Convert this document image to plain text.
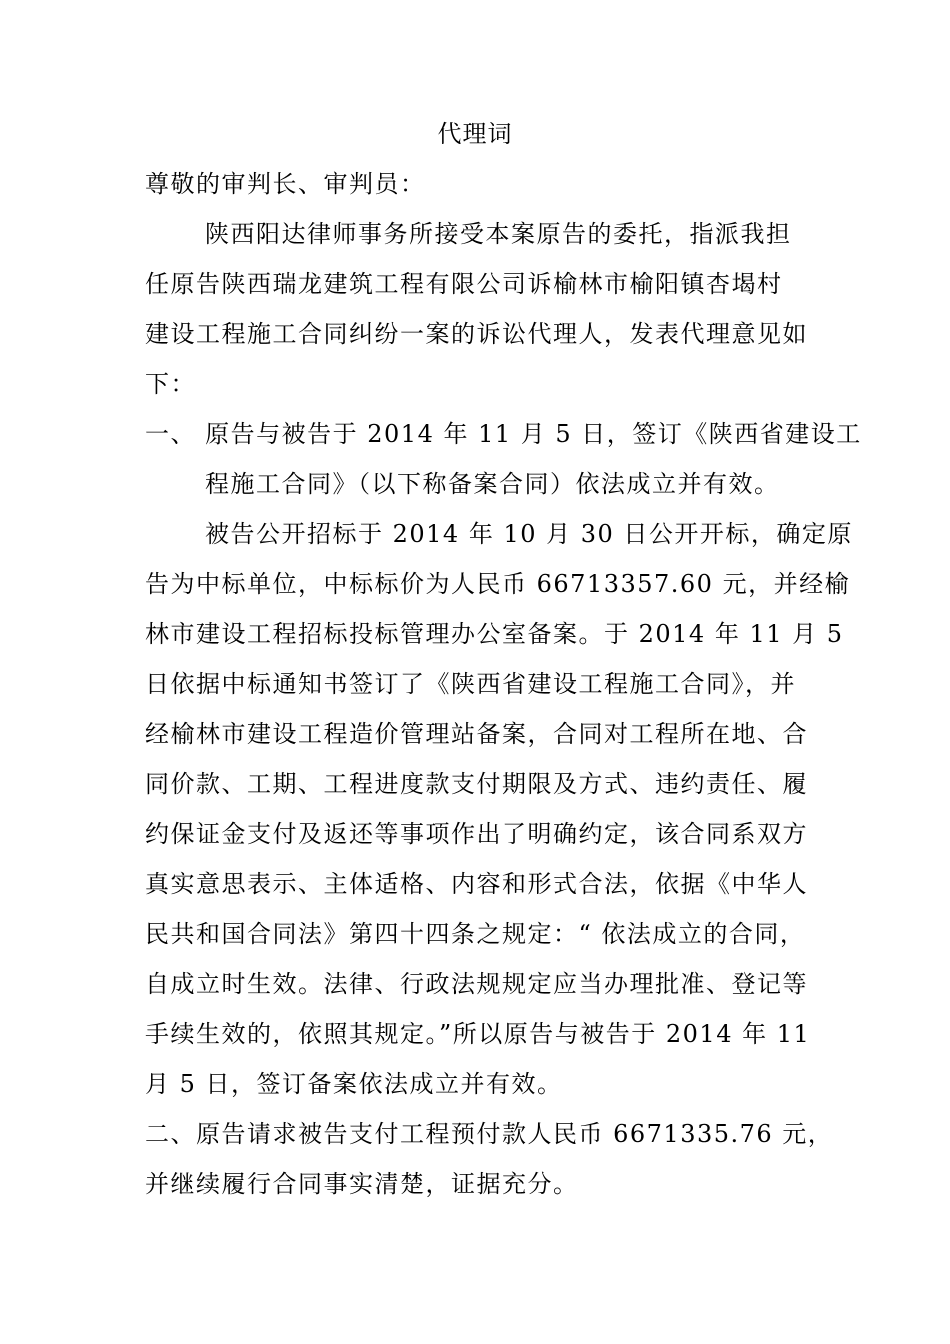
代理词
尊敬的审判长、审判员：
陕西阳达律师事务所接受本案原告的委托，指派我担
任原告陕西瑞龙建筑工程有限公司诉榆林市榆阳镇杏堨村
建设工程施工合同纠纷一案的诉讼代理人，发表代理意见如
下：
一、 原告与被告于 2014 年 11 月 5 日，签订《陕西省建设工
程施工合同》（以下称备案合同）依法成立并有效。
被告公开招标于 2014 年 10 月 30 日公开开标，确定原
告为中标单位，中标标价为人民币 66713357.60 元，并经榆
林市建设工程招标投标管理办公室备案。于 2014 年 11 月 5
日依据中标通知书签订了《陕西省建设工程施工合同》，并
经榆林市建设工程造价管理站备案，合同对工程所在地、合
同价款、工期、工程进度款支付期限及方式、违约责任、履
约保证金支付及返还等事项作出了明确约定，该合同系双方
真实意思表示、主体适格、内容和形式合法，依据《中华人
民共和国合同法》第四十四条之规定：“ 依法成立的合同，
自成立时生效。法律、行政法规规定应当办理批准、登记等
手续生效的，依照其规定。”所以原告与被告于 2014 年 11
月 5 日，签订备案依法成立并有效。
二、原告请求被告支付工程预付款人民币 6671335.76 元，
并继续履行合同事实清楚，证据充分。
